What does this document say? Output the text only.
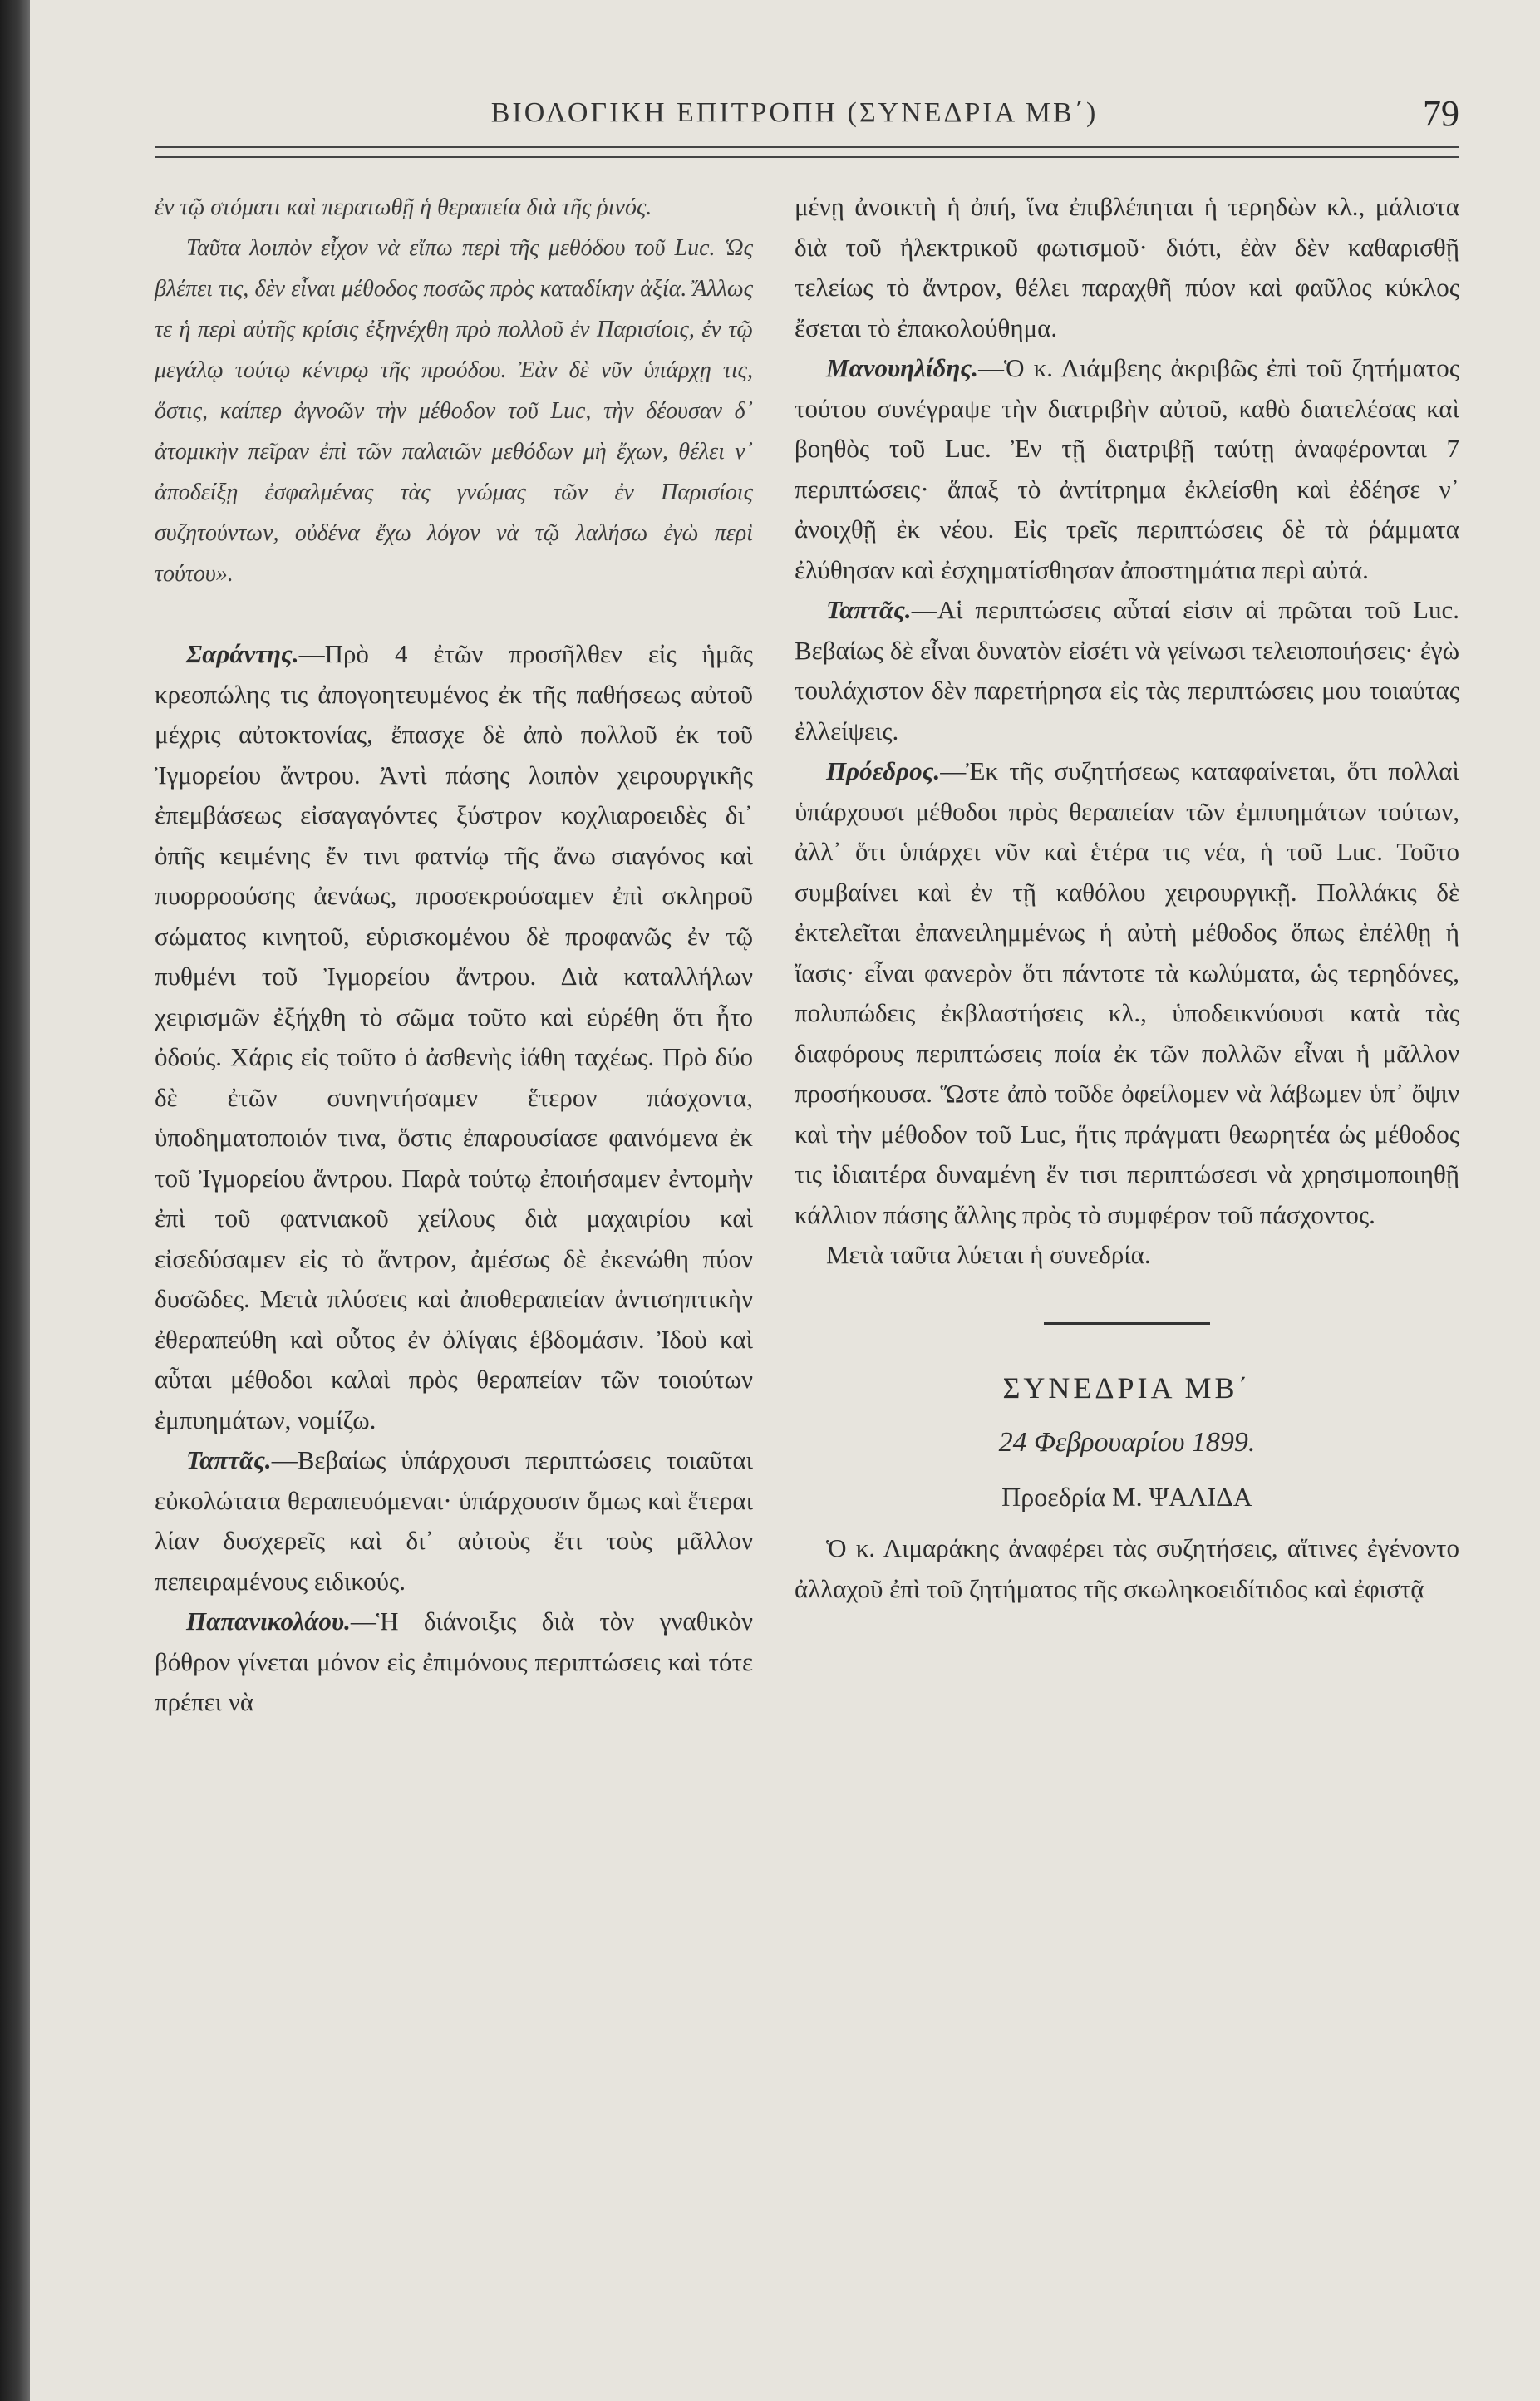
ΒΙΟΛΟΓΙΚΗ ΕΠΙΤΡΟΠΗ (ΣΥΝΕΔΡΙΑ ΜΒ΄)	79

ἐν τῷ στόματι καὶ περατωθῇ ἡ θεραπεία διὰ τῆς ῥινός.

Ταῦτα λοιπὸν εἶχον νὰ εἴπω περὶ τῆς μεθόδου τοῦ Luc. Ὡς βλέπει τις, δὲν εἶναι μέθοδος ποσῶς πρὸς καταδίκην ἀξία. Ἄλλως τε ἡ περὶ αὐτῆς κρίσις ἐξηνέχθη πρὸ πολλοῦ ἐν Παρισίοις, ἐν τῷ μεγάλῳ τούτῳ κέντρῳ τῆς προόδου. Ἐὰν δὲ νῦν ὑπάρχῃ τις, ὅστις, καίπερ ἀγνοῶν τὴν μέθοδον τοῦ Luc, τὴν δέουσαν δ᾽ ἀτομικὴν πεῖραν ἐπὶ τῶν παλαιῶν μεθόδων μὴ ἔχων, θέλει ν᾽ ἀποδείξῃ ἐσφαλμένας τὰς γνώμας τῶν ἐν Παρισίοις συζητούντων, οὐδένα ἔχω λόγον νὰ τῷ λαλήσω ἐγὼ περὶ τούτου».

Σαράντης.—Πρὸ 4 ἐτῶν προσῆλθεν εἰς ἡμᾶς κρεοπώλης τις ἀπογοητευμένος ἐκ τῆς παθήσεως αὐτοῦ μέχρις αὐτοκτονίας, ἔπασχε δὲ ἀπὸ πολλοῦ ἐκ τοῦ Ἰγμορείου ἄντρου. Ἀντὶ πάσης λοιπὸν χειρουργικῆς ἐπεμβάσεως εἰσαγαγόντες ξύστρον κοχλιαροειδὲς δι᾽ ὀπῆς κειμένης ἔν τινι φατνίῳ τῆς ἄνω σιαγόνος καὶ πυορροούσης ἀενάως, προσεκρούσαμεν ἐπὶ σκληροῦ σώματος κινητοῦ, εὑρισκομένου δὲ προφανῶς ἐν τῷ πυθμένι τοῦ Ἰγμορείου ἄντρου. Διὰ καταλλήλων χειρισμῶν ἐξήχθη τὸ σῶμα τοῦτο καὶ εὑρέθη ὅτι ἦτο ὀδούς. Χάρις εἰς τοῦτο ὁ ἀσθενὴς ἰάθη ταχέως. Πρὸ δύο δὲ ἐτῶν συνηντήσαμεν ἕτερον πάσχοντα, ὑποδηματοποιόν τινα, ὅστις ἐπαρουσίασε φαινόμενα ἐκ τοῦ Ἰγμορείου ἄντρου. Παρὰ τούτῳ ἐποιήσαμεν ἐντομὴν ἐπὶ τοῦ φατνιακοῦ χείλους διὰ μαχαιρίου καὶ εἰσεδύσαμεν εἰς τὸ ἄντρον, ἀμέσως δὲ ἐκενώθη πύον δυσῶδες. Μετὰ πλύσεις καὶ ἀποθεραπείαν ἀντισηπτικὴν ἐθεραπεύθη καὶ οὗτος ἐν ὀλίγαις ἑβδομάσιν. Ἰδοὺ καὶ αὗται μέθοδοι καλαὶ πρὸς θεραπείαν τῶν τοιούτων ἐμπυημάτων, νομίζω.

Ταπτᾶς.—Βεβαίως ὑπάρχουσι περιπτώσεις τοιαῦται εὐκολώτατα θεραπευόμεναι· ὑπάρχουσιν ὅμως καὶ ἕτεραι λίαν δυσχερεῖς καὶ δι᾽ αὐτοὺς ἔτι τοὺς μᾶλλον πεπειραμένους ειδικούς.

Παπανικολάου.—Ἡ διάνοιξις διὰ τὸν γναθικὸν βόθρον γίνεται μόνον εἰς ἐπιμόνους περιπτώσεις καὶ τότε πρέπει νὰ

μένῃ ἀνοικτὴ ἡ ὀπή, ἵνα ἐπιβλέπηται ἡ τερηδὼν κλ., μάλιστα διὰ τοῦ ἠλεκτρικοῦ φωτισμοῦ· διότι, ἐὰν δὲν καθαρισθῇ τελείως τὸ ἄντρον, θέλει παραχθῆ πύον καὶ φαῦλος κύκλος ἔσεται τὸ ἐπακολούθημα.

Μανουηλίδης.—Ὁ κ. Λιάμβεης ἀκριβῶς ἐπὶ τοῦ ζητήματος τούτου συνέγραψε τὴν διατριβὴν αὐτοῦ, καθὸ διατελέσας καὶ βοηθὸς τοῦ Luc. Ἐν τῇ διατριβῇ ταύτῃ ἀναφέρονται 7 περιπτώσεις· ἅπαξ τὸ ἀντίτρημα ἐκλείσθη καὶ ἐδέησε ν᾽ ἀνοιχθῇ ἐκ νέου. Εἰς τρεῖς περιπτώσεις δὲ τὰ ῥάμματα ἐλύθησαν καὶ ἐσχηματίσθησαν ἀποστημάτια περὶ αὐτά.

Ταπτᾶς.—Αἱ περιπτώσεις αὗταί εἰσιν αἱ πρῶται τοῦ Luc. Βεβαίως δὲ εἶναι δυνατὸν εἰσέτι νὰ γείνωσι τελειοποιήσεις· ἐγὼ τουλάχιστον δὲν παρετήρησα εἰς τὰς περιπτώσεις μου τοιαύτας ἐλλείψεις.

Πρόεδρος.—Ἐκ τῆς συζητήσεως καταφαίνεται, ὅτι πολλαὶ ὑπάρχουσι μέθοδοι πρὸς θεραπείαν τῶν ἐμπυημάτων τούτων, ἀλλ᾽ ὅτι ὑπάρχει νῦν καὶ ἑτέρα τις νέα, ἡ τοῦ Luc. Τοῦτο συμβαίνει καὶ ἐν τῇ καθόλου χειρουργικῇ. Πολλάκις δὲ ἐκτελεῖται ἐπανειλημμένως ἡ αὐτὴ μέθοδος ὅπως ἐπέλθῃ ἡ ἴασις· εἶναι φανερὸν ὅτι πάντοτε τὰ κωλύματα, ὡς τερηδόνες, πολυπώδεις ἐκβλαστήσεις κλ., ὑποδεικνύουσι κατὰ τὰς διαφόρους περιπτώσεις ποία ἐκ τῶν πολλῶν εἶναι ἡ μᾶλλον προσήκουσα. Ὥστε ἀπὸ τοῦδε ὀφείλομεν νὰ λάβωμεν ὑπ᾽ ὄψιν καὶ τὴν μέθοδον τοῦ Luc, ἥτις πράγματι θεωρητέα ὡς μέθοδος τις ἰδιαιτέρα δυναμένη ἔν τισι περιπτώσεσι νὰ χρησιμοποιηθῇ κάλλιον πάσης ἄλλης πρὸς τὸ συμφέρον τοῦ πάσχοντος.

Μετὰ ταῦτα λύεται ἡ συνεδρία.

ΣΥΝΕΔΡΙΑ ΜΒ΄
24 Φεβρουαρίου 1899.
Προεδρία Μ. ΨΑΛΙΔΑ

Ὁ κ. Λιμαράκης ἀναφέρει τὰς συζητήσεις, αἵτινες ἐγένοντο ἀλλαχοῦ ἐπὶ τοῦ ζητήματος τῆς σκωληκοειδίτιδος καὶ ἐφιστᾷ
